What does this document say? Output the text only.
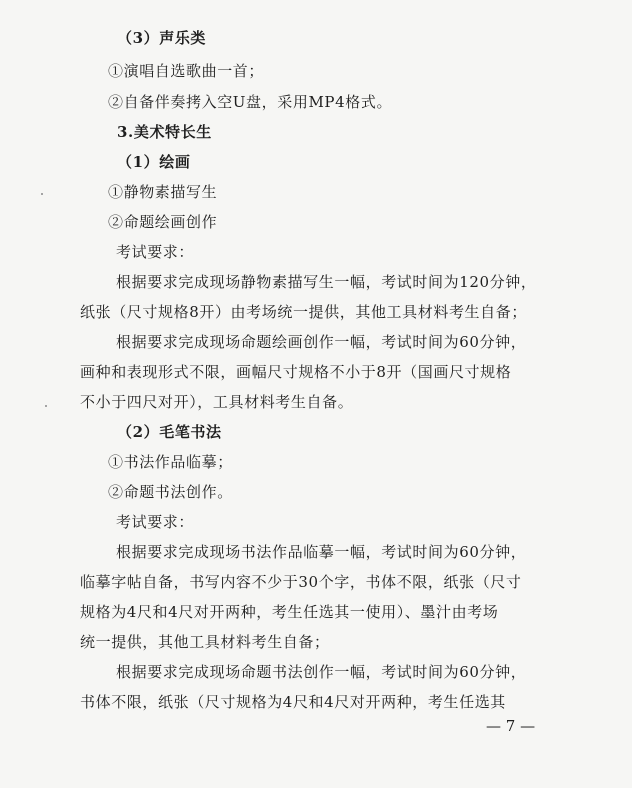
（3）声乐类
①演唱自选歌曲一首；
②自备伴奏拷入空U盘，采用MP4格式。
3.美术特长生
（1）绘画
①静物素描写生
②命题绘画创作
考试要求：
根据要求完成现场静物素描写生一幅，考试时间为120分钟，
纸张（尺寸规格8开）由考场统一提供，其他工具材料考生自备；
根据要求完成现场命题绘画创作一幅，考试时间为60分钟，
画种和表现形式不限，画幅尺寸规格不小于8开（国画尺寸规格
不小于四尺对开），工具材料考生自备。
（2）毛笔书法
①书法作品临摹；
②命题书法创作。
考试要求：
根据要求完成现场书法作品临摹一幅，考试时间为60分钟，
临摹字帖自备，书写内容不少于30个字，书体不限，纸张（尺寸
规格为4尺和4尺对开两种，考生任选其一使用）、墨汁由考场
统一提供，其他工具材料考生自备；
根据要求完成现场命题书法创作一幅，考试时间为60分钟，
书体不限，纸张（尺寸规格为4尺和4尺对开两种，考生任选其
— 7 —
